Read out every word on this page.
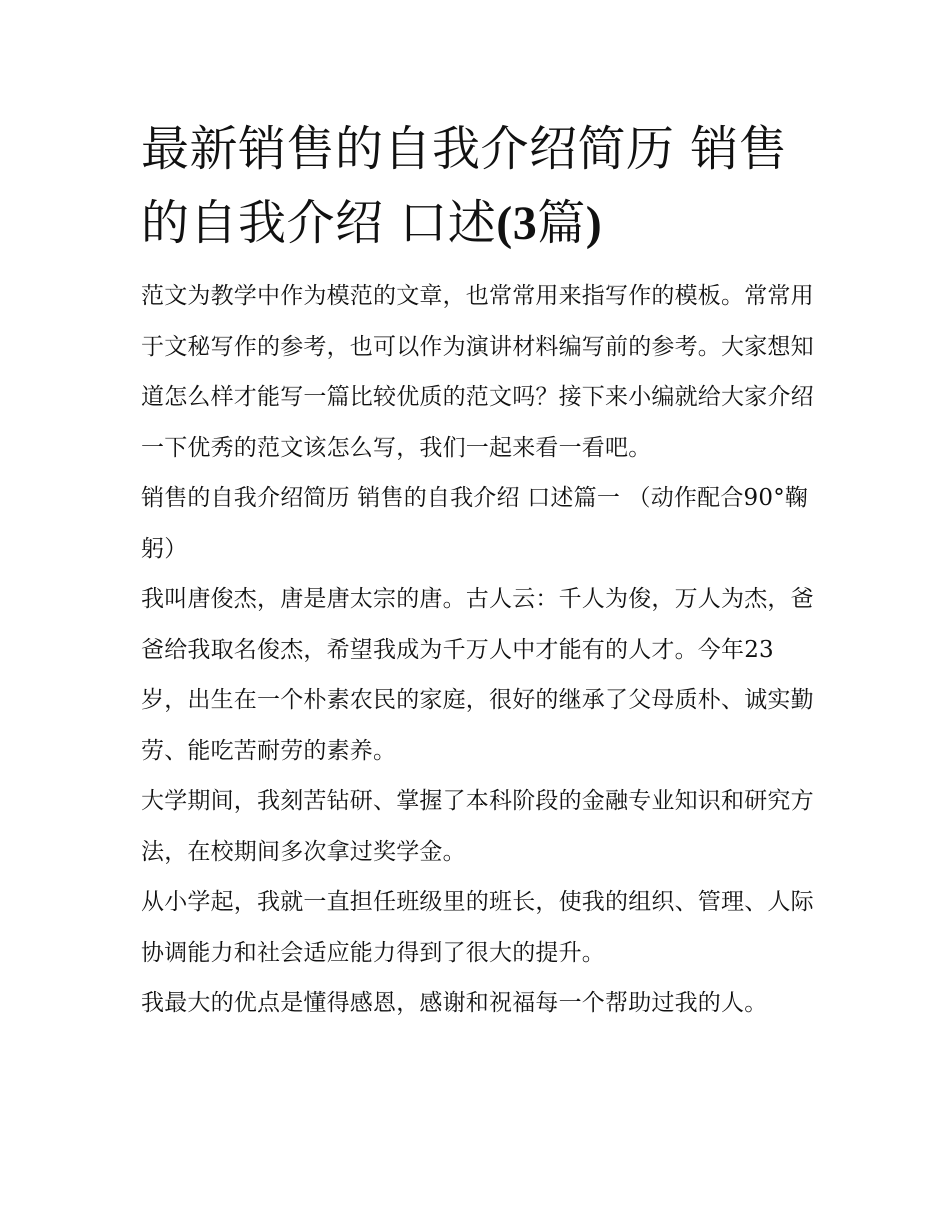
最新销售的自我介绍简历 销售的自我介绍 口述(3篇)

范文为教学中作为模范的文章，也常常用来指写作的模板。常常用于文秘写作的参考，也可以作为演讲材料编写前的参考。大家想知道怎么样才能写一篇比较优质的范文吗？接下来小编就给大家介绍一下优秀的范文该怎么写，我们一起来看一看吧。

销售的自我介绍简历 销售的自我介绍 口述篇一 （动作配合90°鞠躬）

我叫唐俊杰，唐是唐太宗的唐。古人云：千人为俊，万人为杰，爸爸给我取名俊杰，希望我成为千万人中才能有的人才。今年23岁，出生在一个朴素农民的家庭，很好的继承了父母质朴、诚实勤劳、能吃苦耐劳的素养。

大学期间，我刻苦钻研、掌握了本科阶段的金融专业知识和研究方法，在校期间多次拿过奖学金。

从小学起，我就一直担任班级里的班长，使我的组织、管理、人际协调能力和社会适应能力得到了很大的提升。

我最大的优点是懂得感恩，感谢和祝福每一个帮助过我的人。
